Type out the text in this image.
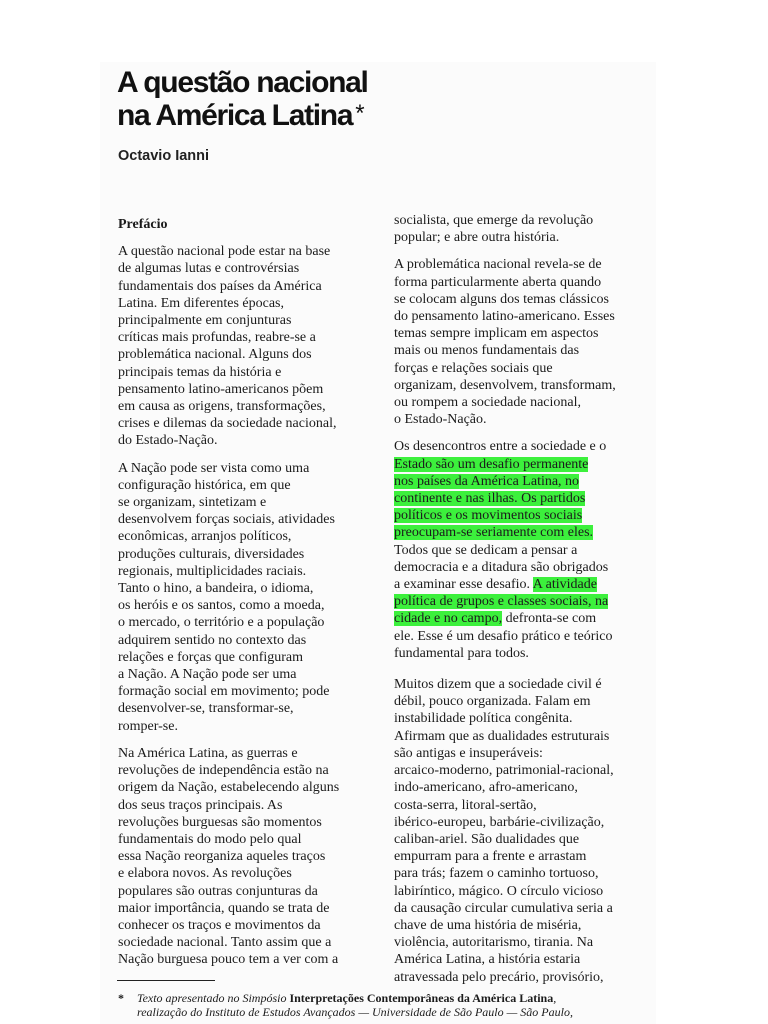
A questão nacional
na América Latina *
Octavio Ianni
Prefácio
A questão nacional pode estar na base
de algumas lutas e controvérsias
fundamentais dos países da América
Latina. Em diferentes épocas,
principalmente em conjunturas
críticas mais profundas, reabre-se a
problemática nacional. Alguns dos
principais temas da história e
pensamento latino-americanos põem
em causa as origens, transformações,
crises e dilemas da sociedade nacional,
do Estado-Nação.
A Nação pode ser vista como uma
configuração histórica, em que
se organizam, sintetizam e
desenvolvem forças sociais, atividades
econômicas, arranjos políticos,
produções culturais, diversidades
regionais, multiplicidades raciais.
Tanto o hino, a bandeira, o idioma,
os heróis e os santos, como a moeda,
o mercado, o território e a população
adquirem sentido no contexto das
relações e forças que configuram
a Nação. A Nação pode ser uma
formação social em movimento; pode
desenvolver-se, transformar-se,
romper-se.
Na América Latina, as guerras e
revoluções de independência estão na
origem da Nação, estabelecendo alguns
dos seus traços principais. As
revoluções burguesas são momentos
fundamentais do modo pelo qual
essa Nação reorganiza aqueles traços
e elabora novos. As revoluções
populares são outras conjunturas da
maior importância, quando se trata de
conhecer os traços e movimentos da
sociedade nacional. Tanto assim que a
Nação burguesa pouco tem a ver com a
socialista, que emerge da revolução
popular; e abre outra história.
A problemática nacional revela-se de
forma particularmente aberta quando
se colocam alguns dos temas clássicos
do pensamento latino-americano. Esses
temas sempre implicam em aspectos
mais ou menos fundamentais das
forças e relações sociais que
organizam, desenvolvem, transformam,
ou rompem a sociedade nacional,
o Estado-Nação.
Os desencontros entre a sociedade e o
Estado são um desafio permanente
nos países da América Latina, no
continente e nas ilhas. Os partidos
políticos e os movimentos sociais
preocupam-se seriamente com eles.
Todos que se dedicam a pensar a
democracia e a ditadura são obrigados
a examinar esse desafio. A atividade
política de grupos e classes sociais, na
cidade e no campo, defronta-se com
ele. Esse é um desafio prático e teórico
fundamental para todos.
Muitos dizem que a sociedade civil é
débil, pouco organizada. Falam em
instabilidade política congênita.
Afirmam que as dualidades estruturais
são antigas e insuperáveis:
arcaico-moderno, patrimonial-racional,
indo-americano, afro-americano,
costa-serra, litoral-sertão,
ibérico-europeu, barbárie-civilização,
caliban-ariel. São dualidades que
empurram para a frente e arrastam
para trás; fazem o caminho tortuoso,
labiríntico, mágico. O círculo vicioso
da causação circular cumulativa seria a
chave de uma história de miséria,
violência, autoritarismo, tirania. Na
América Latina, a história estaria
atravessada pelo precário, provisório,
* Texto apresentado no Simpósio Interpretações Contemporâneas da América Latina,
realização do Instituto de Estudos Avançados — Universidade de São Paulo — São Paulo,
